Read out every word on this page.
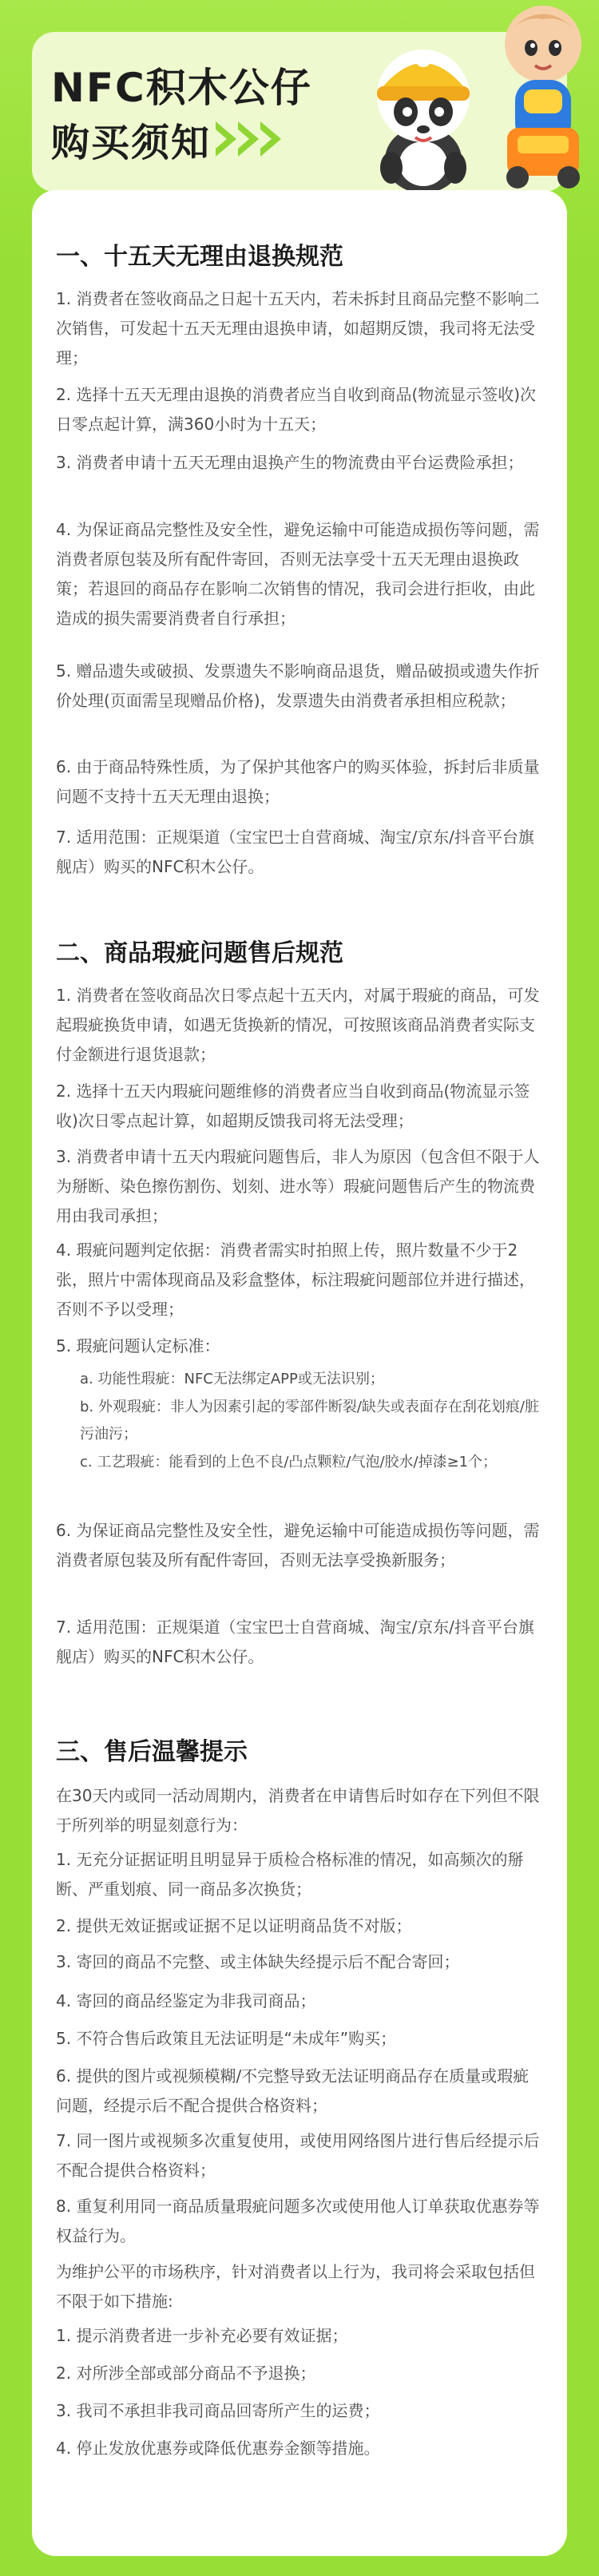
NFC积木公仔
购买须知
一、十五天无理由退换规范
1. 消费者在签收商品之日起十五天内，若未拆封且商品完整不影响二次销售，可发起十五天无理由退换申请，如超期反馈，我司将无法受理；
2. 选择十五天无理由退换的消费者应当自收到商品(物流显示签收)次日零点起计算，满360小时为十五天；
3. 消费者申请十五天无理由退换产生的物流费由平台运费险承担；
4. 为保证商品完整性及安全性，避免运输中可能造成损伤等问题，需消费者原包装及所有配件寄回，否则无法享受十五天无理由退换政策；若退回的商品存在影响二次销售的情况，我司会进行拒收，由此造成的损失需要消费者自行承担；
5. 赠品遗失或破损、发票遗失不影响商品退货，赠品破损或遗失作折价处理(页面需呈现赠品价格)，发票遗失由消费者承担相应税款；
6. 由于商品特殊性质，为了保护其他客户的购买体验，拆封后非质量问题不支持十五天无理由退换；
7. 适用范围：正规渠道（宝宝巴士自营商城、淘宝/京东/抖音平台旗舰店）购买的NFC积木公仔。
二、商品瑕疵问题售后规范
1. 消费者在签收商品次日零点起十五天内，对属于瑕疵的商品，可发起瑕疵换货申请，如遇无货换新的情况，可按照该商品消费者实际支付金额进行退货退款；
2. 选择十五天内瑕疵问题维修的消费者应当自收到商品(物流显示签收)次日零点起计算，如超期反馈我司将无法受理；
3. 消费者申请十五天内瑕疵问题售后，非人为原因（包含但不限于人为掰断、染色擦伤割伤、划刻、进水等）瑕疵问题售后产生的物流费用由我司承担；
4. 瑕疵问题判定依据：消费者需实时拍照上传，照片数量不少于2张，照片中需体现商品及彩盒整体，标注瑕疵问题部位并进行描述，否则不予以受理；
5. 瑕疵问题认定标准：
a. 功能性瑕疵：NFC无法绑定APP或无法识别；
b. 外观瑕疵：非人为因素引起的零部件断裂/缺失或表面存在刮花划痕/脏污油污；
c. 工艺瑕疵：能看到的上色不良/凸点颗粒/气泡/胶水/掉漆≥1个；
6. 为保证商品完整性及安全性，避免运输中可能造成损伤等问题，需消费者原包装及所有配件寄回，否则无法享受换新服务；
7. 适用范围：正规渠道（宝宝巴士自营商城、淘宝/京东/抖音平台旗舰店）购买的NFC积木公仔。
三、售后温馨提示
在30天内或同一活动周期内，消费者在申请售后时如存在下列但不限于所列举的明显刻意行为：
1. 无充分证据证明且明显异于质检合格标准的情况，如高频次的掰断、严重划痕、同一商品多次换货；
2. 提供无效证据或证据不足以证明商品货不对版；
3. 寄回的商品不完整、或主体缺失经提示后不配合寄回；
4. 寄回的商品经鉴定为非我司商品；
5. 不符合售后政策且无法证明是“未成年”购买；
6. 提供的图片或视频模糊/不完整导致无法证明商品存在质量或瑕疵问题，经提示后不配合提供合格资料；
7. 同一图片或视频多次重复使用，或使用网络图片进行售后经提示后不配合提供合格资料；
8. 重复利用同一商品质量瑕疵问题多次或使用他人订单获取优惠券等权益行为。
为维护公平的市场秩序，针对消费者以上行为，我司将会采取包括但不限于如下措施:
1. 提示消费者进一步补充必要有效证据；
2. 对所涉全部或部分商品不予退换；
3. 我司不承担非我司商品回寄所产生的运费；
4. 停止发放优惠券或降低优惠券金额等措施。
